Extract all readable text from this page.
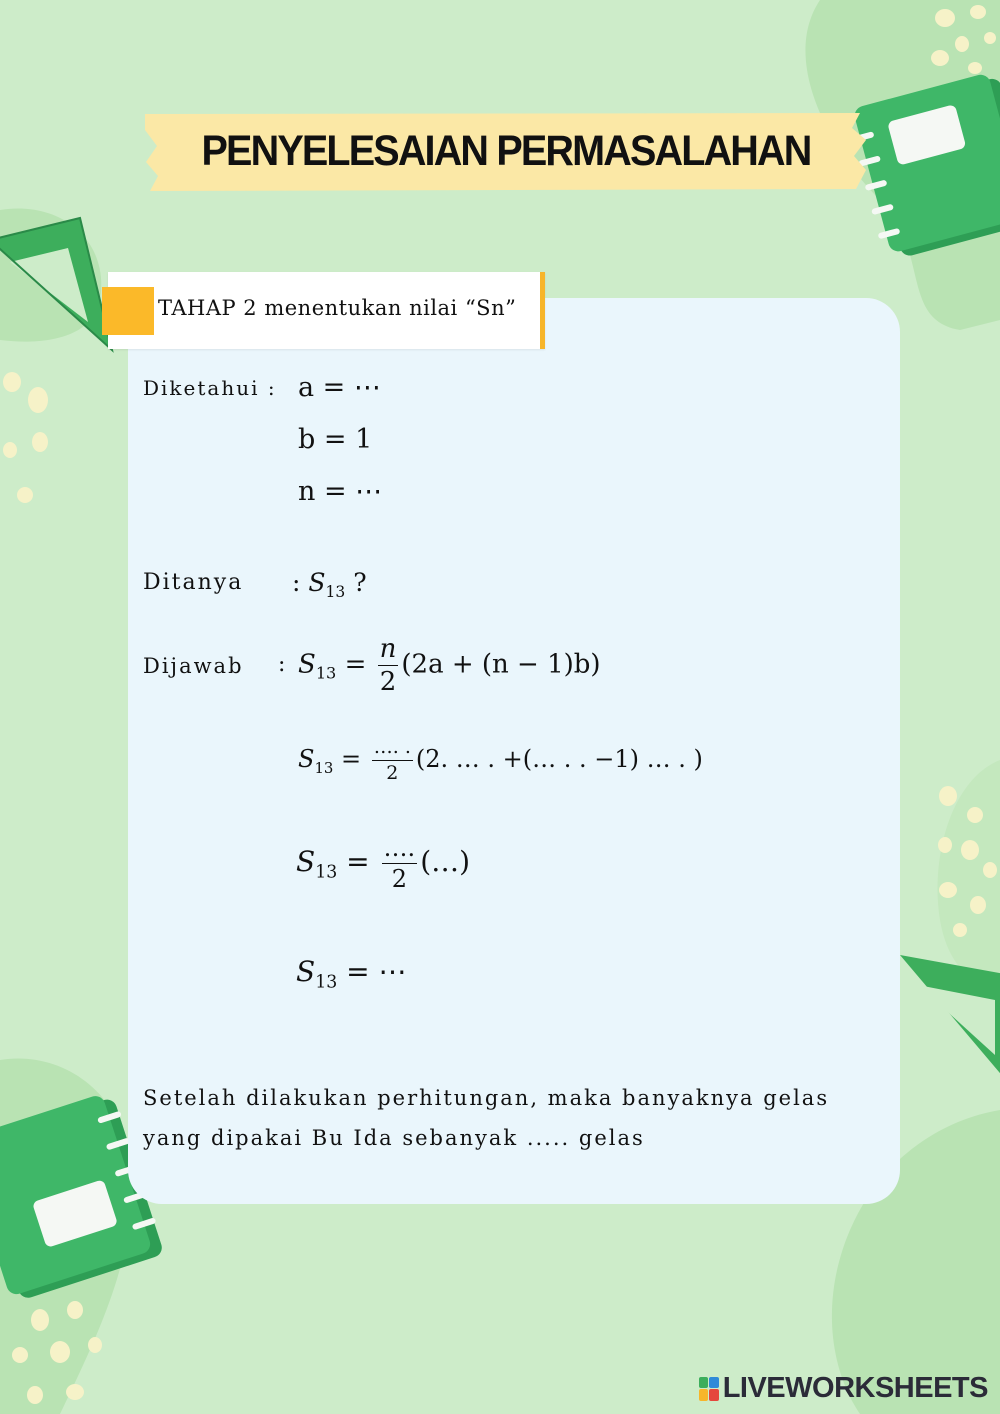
PENYELESAIAN PERMASALAHAN
TAHAP 2 menentukan nilai “Sn”
Diketahui : a = ⋯
b = 1
n = ⋯
Ditanya : $S_{13}$ ?
Dijawab : $S_{13} = \frac{n}{2} (2a + (n - 1)b)$
$S_{13} = \frac{\dots. .}{2} (2$. … . +(… . . −1) … . )
$S_{13} = \frac{\dots.}{2}$ (…)
$S_{13}$ = ⋯
Setelah dilakukan perhitungan, maka banyaknya gelas
yang dipakai Bu Ida sebanyak ..... gelas
LIVEWORKSHEETS
